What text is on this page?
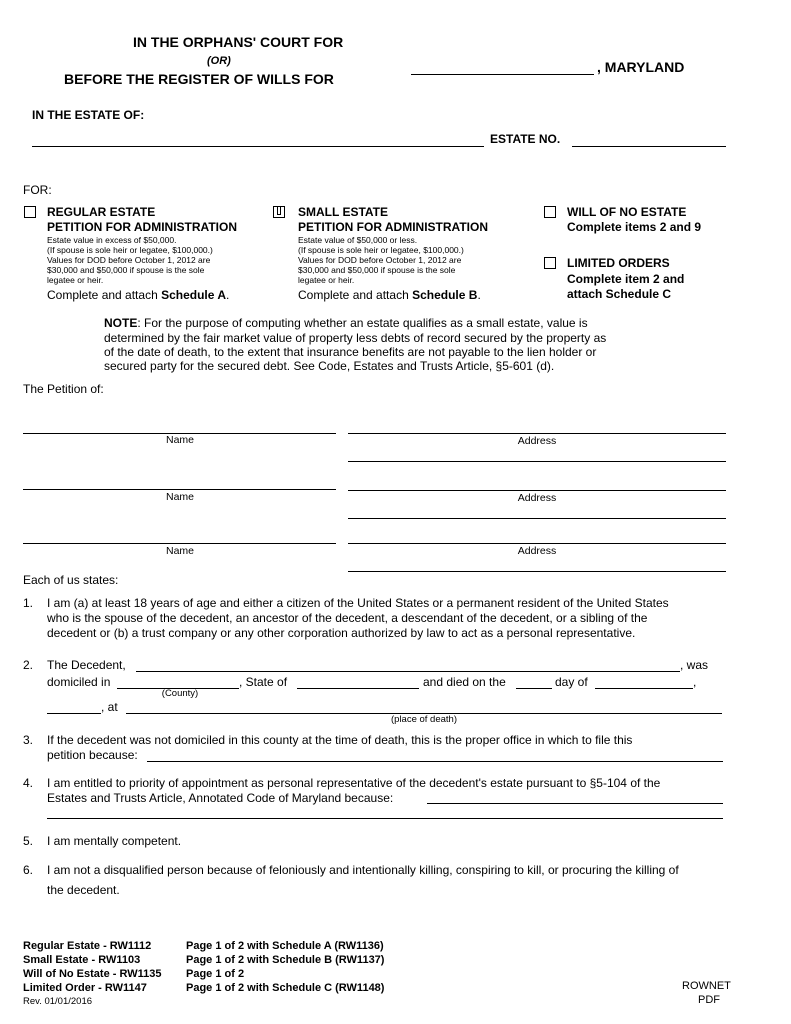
IN THE ORPHANS' COURT FOR
(OR)
BEFORE THE REGISTER OF WILLS FOR
, MARYLAND
IN THE ESTATE OF:
ESTATE NO.
FOR:
REGULAR ESTATE
PETITION FOR ADMINISTRATION
Estate value in excess of $50,000.
(If spouse is sole heir or legatee, $100,000.)
Values for DOD before October 1, 2012 are
$30,000 and $50,000 if spouse is the sole
legatee or heir.
Complete and attach Schedule A.
SMALL ESTATE
PETITION FOR ADMINISTRATION
Estate value of $50,000 or less.
(If spouse is sole heir or legatee, $100,000.)
Values for DOD before October 1, 2012 are
$30,000 and $50,000 if spouse is the sole
legatee or heir.
Complete and attach Schedule B.
WILL OF NO ESTATE
Complete items 2 and 9
LIMITED ORDERS
Complete item 2 and
attach Schedule C
NOTE: For the purpose of computing whether an estate qualifies as a small estate, value is
determined by the fair market value of property less debts of record secured by the property as
of the date of death, to the extent that insurance benefits are not payable to the lien holder or
secured party for the secured debt. See Code, Estates and Trusts Article, §5-601 (d).
The Petition of:
Name	Address
Name	Address
Name	Address
Each of us states:
1. I am (a) at least 18 years of age and either a citizen of the United States or a permanent resident of the United States
who is the spouse of the decedent, an ancestor of the decedent, a descendant of the decedent, or a sibling of the
decedent or (b) a trust company or any other corporation authorized by law to act as a personal representative.
2. The Decedent,	, was
domiciled in	, State of	and died on the	day of	,
(County)
, at
(place of death)
3. If the decedent was not domiciled in this county at the time of death, this is the proper office in which to file this
petition because:
4. I am entitled to priority of appointment as personal representative of the decedent's estate pursuant to §5-104 of the
Estates and Trusts Article, Annotated Code of Maryland because:
5. I am mentally competent.
6. I am not a disqualified person because of feloniously and intentionally killing, conspiring to kill, or procuring the killing of
the decedent.
Regular Estate - RW1112	Page 1 of 2 with Schedule A (RW1136)
Small Estate - RW1103	Page 1 of 2 with Schedule B (RW1137)
Will of No Estate - RW1135 Page 1 of 2
Limited Order - RW1147	Page 1 of 2 with Schedule C (RW1148)
Rev. 01/01/2016
ROWNET
PDF
